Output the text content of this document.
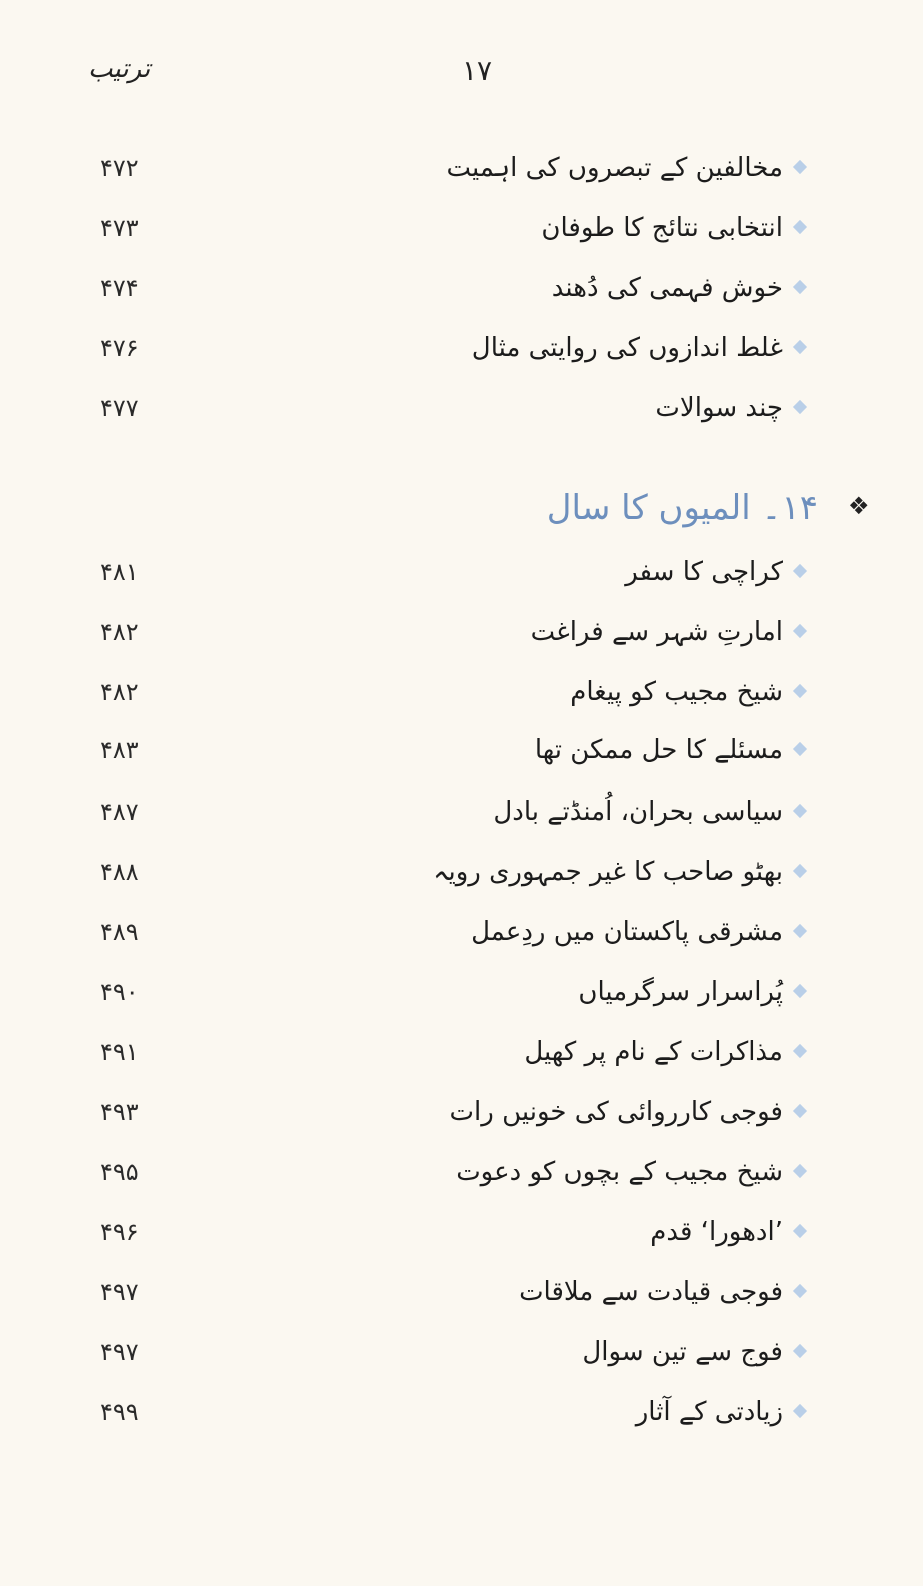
ترتیب	۱۷
مخالفین کے تبصروں کی اہمیت
۴۷۲
انتخابی نتائج کا طوفان
۴۷۳
خوش فہمی کی دُھند
۴۷۴
غلط اندازوں کی روایتی مثال
۴۷۶
چند سوالات
۴۷۷
❖
۱۴۔ المیوں کا سال
کراچی کا سفر
۴۸۱
امارتِ شہر سے فراغت
۴۸۲
شیخ مجیب کو پیغام
۴۸۲
مسئلے کا حل ممکن تھا
۴۸۳
سیاسی بحران، اُمنڈتے بادل
۴۸۷
بھٹو صاحب کا غیر جمہوری رویہ
۴۸۸
مشرقی پاکستان میں ردِعمل
۴۸۹
پُراسرار سرگرمیاں
۴۹۰
مذاکرات کے نام پر کھیل
۴۹۱
فوجی کارروائی کی خونیں رات
۴۹۳
شیخ مجیب کے بچوں کو دعوت
۴۹۵
’ادھورا‘ قدم
۴۹۶
فوجی قیادت سے ملاقات
۴۹۷
فوج سے تین سوال
۴۹۷
زیادتی کے آثار
۴۹۹
